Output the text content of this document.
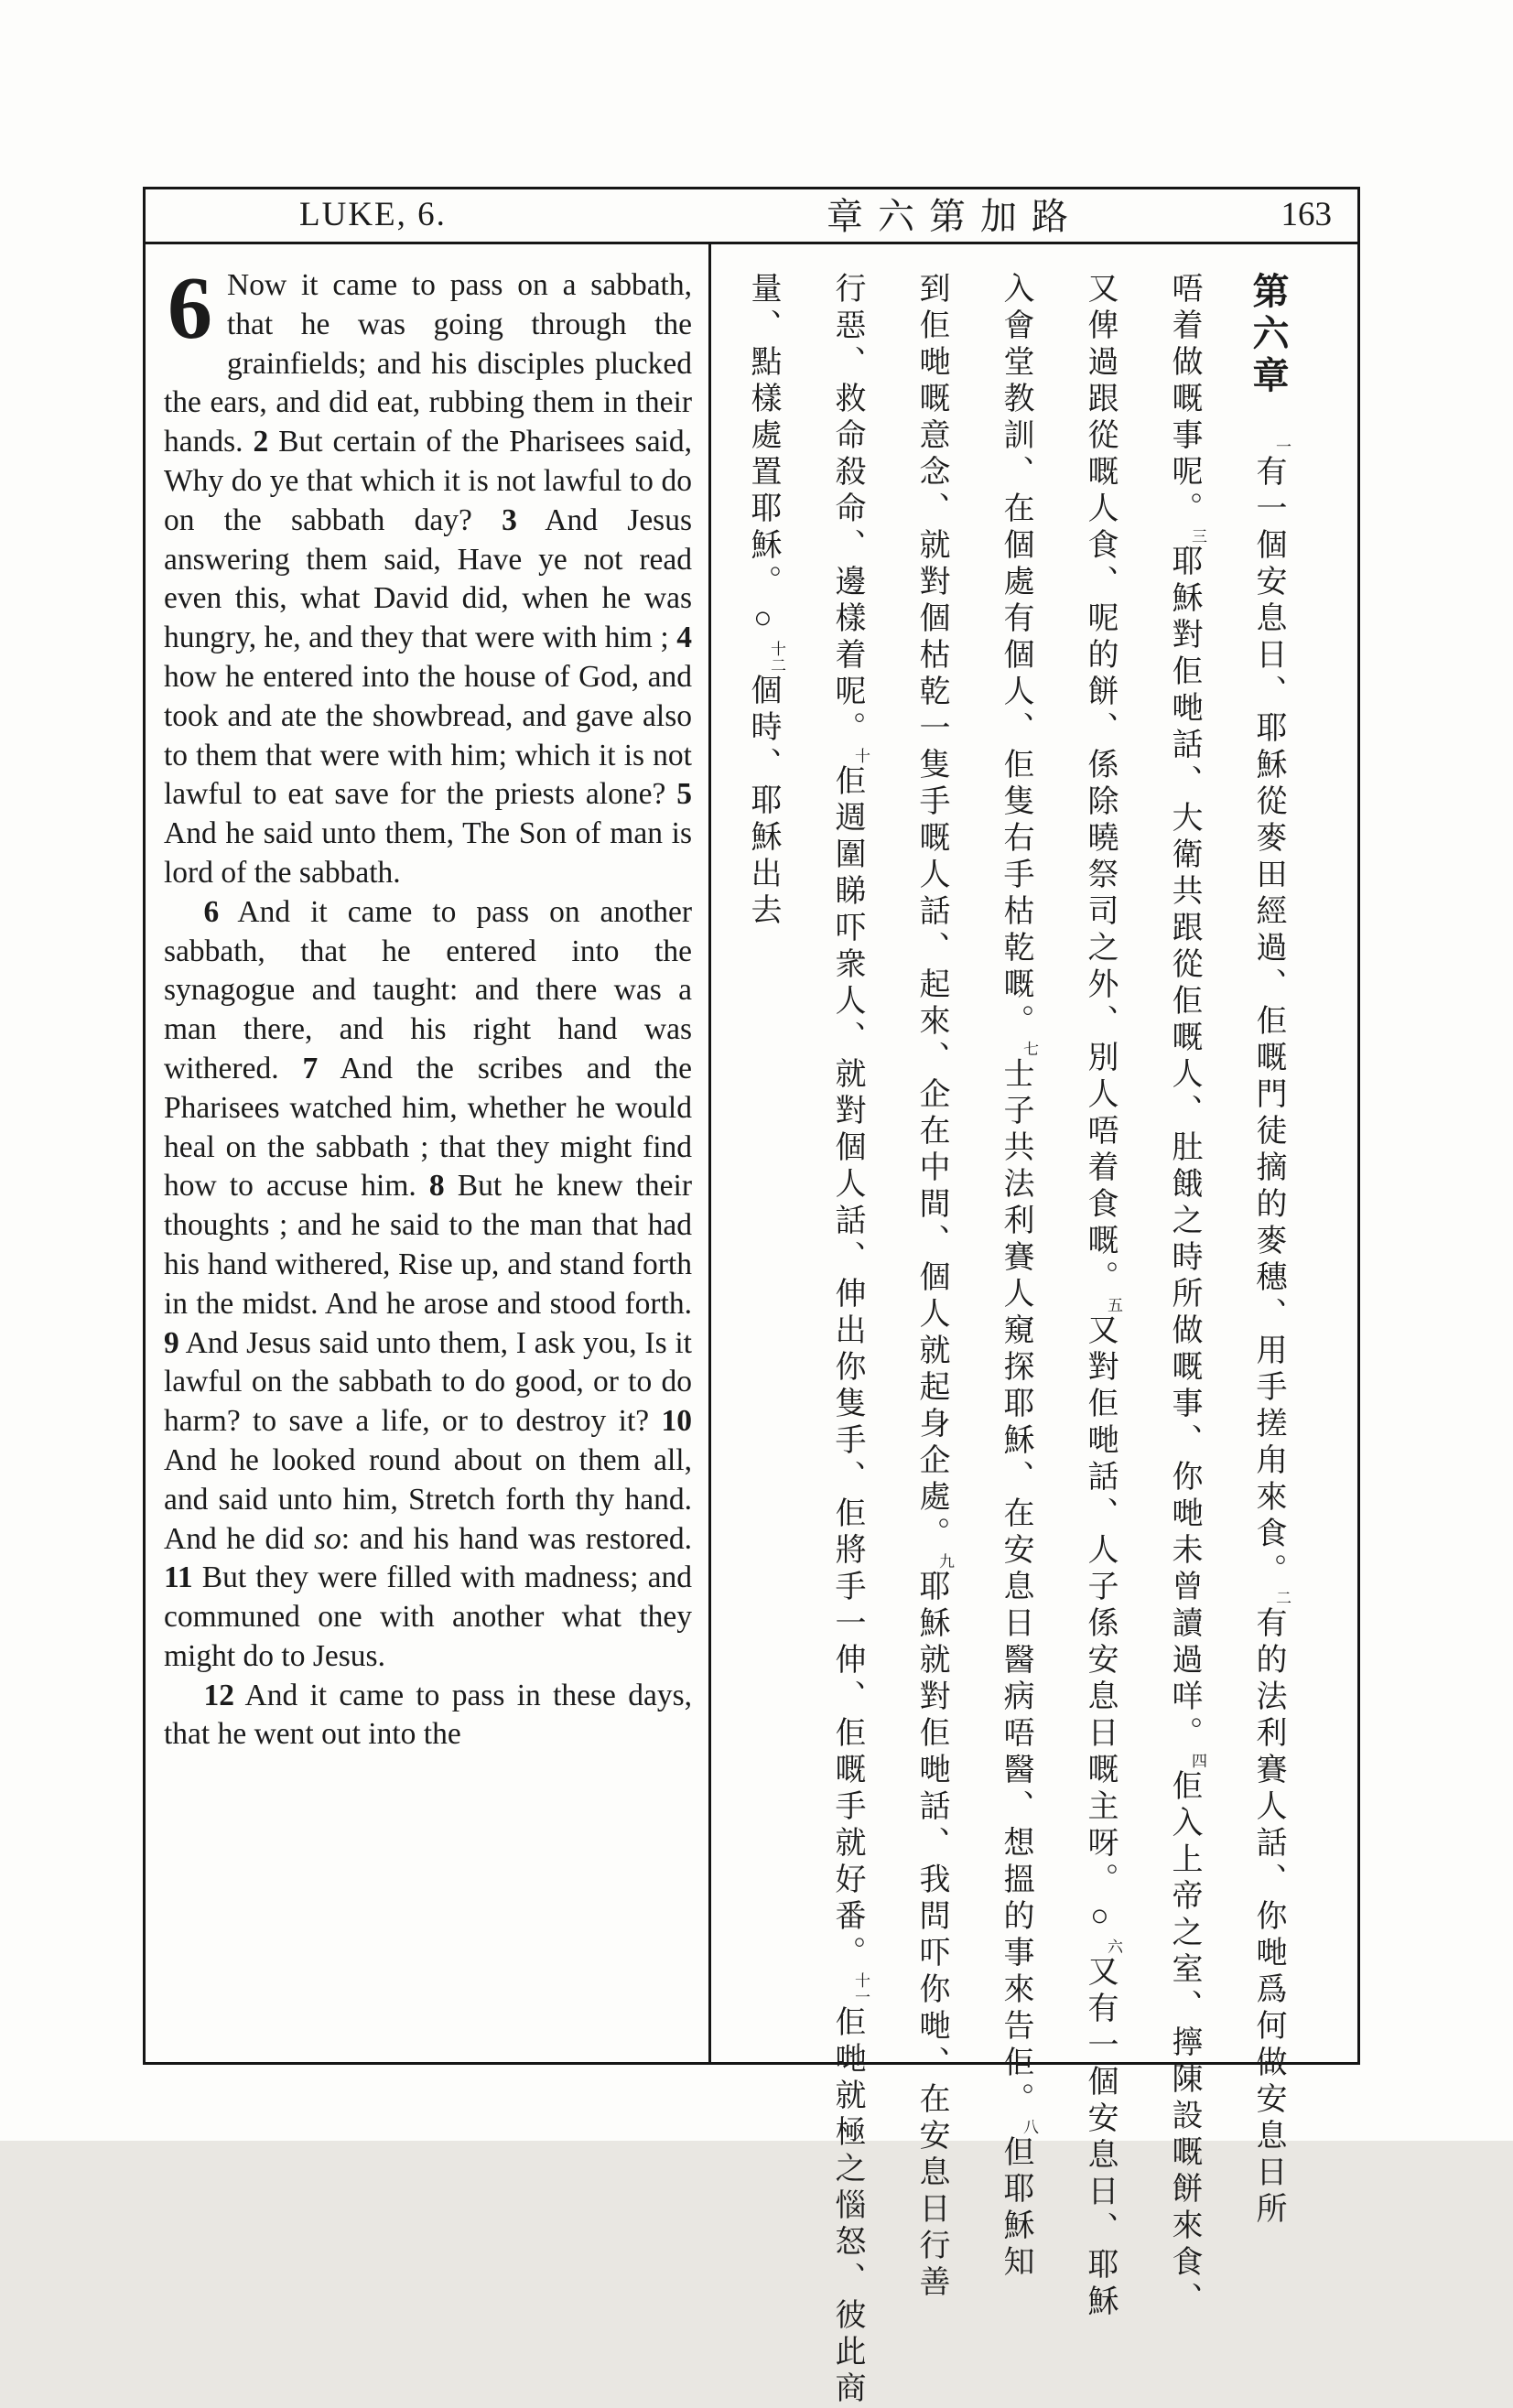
LUKE, 6.	章六第加路	163

6 Now it came to pass on a sabbath, that he was going through the grainfields; and his disciples plucked the ears, and did eat, rubbing them in their hands. 2 But certain of the Pharisees said, Why do ye that which it is not lawful to do on the sabbath day? 3 And Jesus answering them said, Have ye not read even this, what David did, when he was hungry, he, and they that were with him ; 4 how he entered into the house of God, and took and ate the showbread, and gave also to them that were with him; which it is not lawful to eat save for the priests alone? 5 And he said unto them, The Son of man is lord of the sabbath.

6 And it came to pass on another sabbath, that he entered into the synagogue and taught: and there was a man there, and his right hand was withered. 7 And the scribes and the Pharisees watched him, whether he would heal on the sabbath ; that they might find how to accuse him. 8 But he knew their thoughts ; and he said to the man that had his hand withered, Rise up, and stand forth in the midst. And he arose and stood forth. 9 And Jesus said unto them, I ask you, Is it lawful on the sabbath to do good, or to do harm? to save a life, or to destroy it? 10 And he looked round about on them all, and said unto him, Stretch forth thy hand. And he did so: and his hand was restored. 11 But they were filled with madness; and communed one with another what they might do to Jesus.

12 And it came to pass in these days, that he went out into the

第六章一有一個安息日、耶穌從麥田經過、佢嘅門徒摘的麥穗、用手搓甪來食。二有的法利賽人話、你哋爲何做安息日所
唔着做嘅事呢。三耶穌對佢哋話、大衛共跟從佢嘅人、肚餓之時所做嘅事、你哋未曾讀過咩。四佢入上帝之室、擰陳設嘅餅來食、
又俾過跟從嘅人食、呢的餅、係除曉祭司之外、別人唔着食嘅。五又對佢哋話、人子係安息日嘅主呀。○六又有一個安息日、耶穌
入會堂教訓、在個處有個人、佢隻右手枯乾嘅。七士子共法利賽人窺探耶穌、在安息日醫病唔醫、想搵的事來告佢。八但耶穌知
到佢哋嘅意念、就對個枯乾一隻手嘅人話、起來、企在中間、個人就起身企處。九耶穌就對佢哋話、我問吓你哋、在安息日行善
行惡、救命殺命、邊樣着呢。十佢週圍睇吓衆人、就對個人話、伸出你隻手、佢將手一伸、佢嘅手就好番。十一佢哋就極之惱怒、彼此商
量、點樣處置耶穌。○十二個時、耶穌出去
